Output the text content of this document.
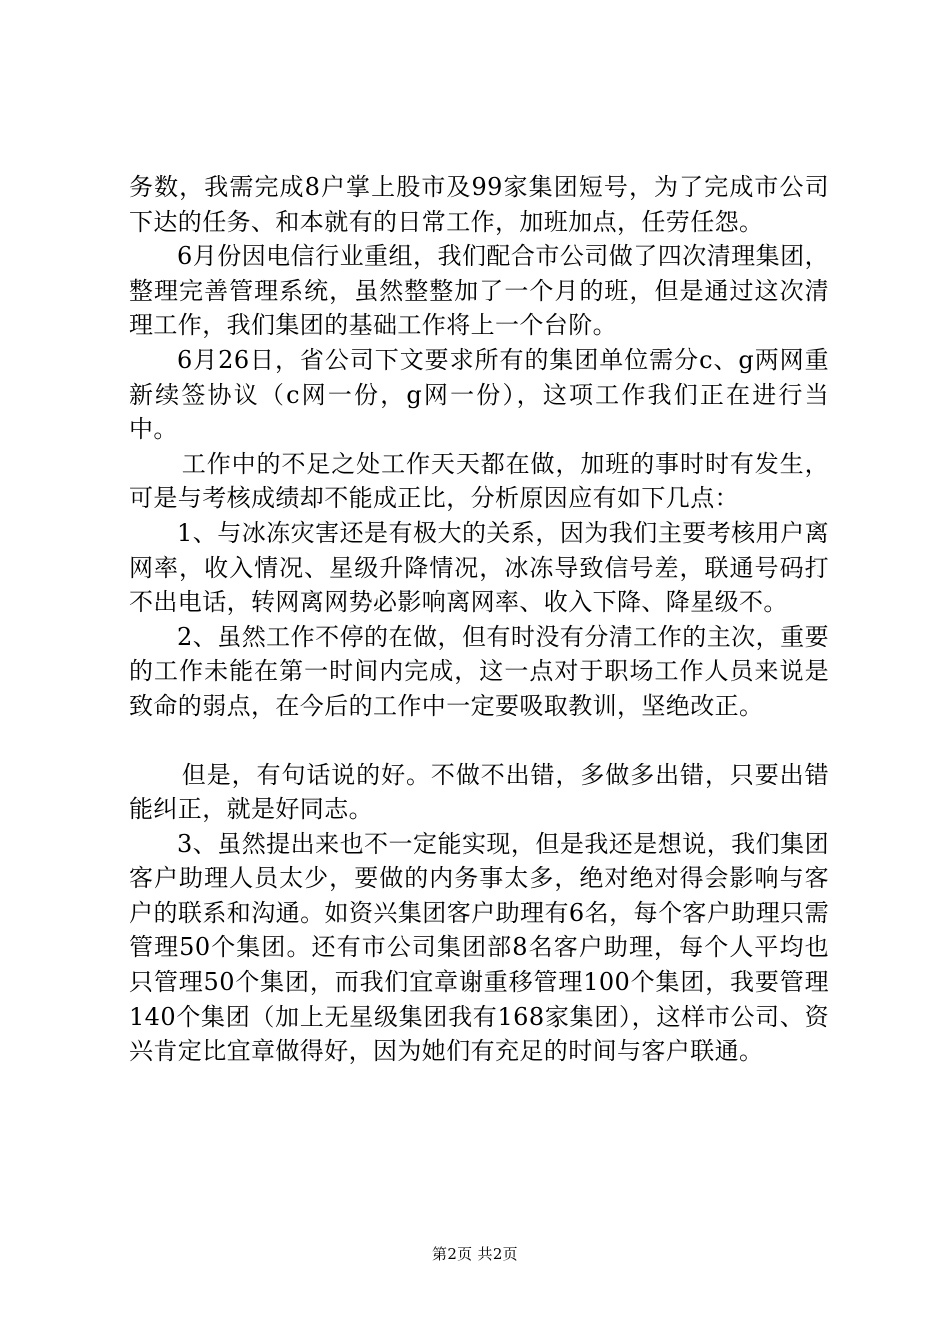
务数，我需完成8户掌上股市及99家集团短号，为了完成市公司下达的任务、和本就有的日常工作，加班加点，任劳任怨。

6月份因电信行业重组，我们配合市公司做了四次清理集团，整理完善管理系统，虽然整整加了一个月的班，但是通过这次清理工作，我们集团的基础工作将上一个台阶。

6月26日，省公司下文要求所有的集团单位需分c、g两网重新续签协议（c网一份，g网一份），这项工作我们正在进行当中。

工作中的不足之处工作天天都在做，加班的事时时有发生，可是与考核成绩却不能成正比，分析原因应有如下几点：

1、与冰冻灾害还是有极大的关系，因为我们主要考核用户离网率，收入情况、星级升降情况，冰冻导致信号差，联通号码打不出电话，转网离网势必影响离网率、收入下降、降星级不。

2、虽然工作不停的在做，但有时没有分清工作的主次，重要的工作未能在第一时间内完成，这一点对于职场工作人员来说是致命的弱点，在今后的工作中一定要吸取教训，坚绝改正。

但是，有句话说的好。不做不出错，多做多出错，只要出错能纠正，就是好同志。

3、虽然提出来也不一定能实现，但是我还是想说，我们集团客户助理人员太少，要做的内务事太多，绝对绝对得会影响与客户的联系和沟通。如资兴集团客户助理有6名，每个客户助理只需管理50个集团。还有市公司集团部8名客户助理，每个人平均也只管理50个集团，而我们宜章谢重移管理100个集团，我要管理140个集团（加上无星级集团我有168家集团），这样市公司、资兴肯定比宜章做得好，因为她们有充足的时间与客户联通。

第2页 共2页
